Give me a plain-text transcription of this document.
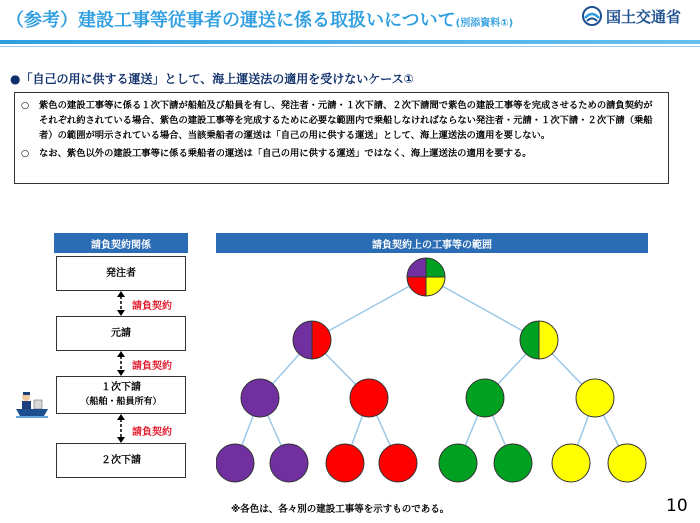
（参考）建設工事等従事者の運送に係る取扱いについて(別添資料①)	国土交通省
●「自己の用に供する運送」として、海上運送法の適用を受けないケース①
○	紫色の建設工事等に係る１次下請が船舶及び船員を有し、発注者・元請・１次下請、２次下請間で紫色の建設工事等を完成させるための請負契約がそれぞれ約されている場合、紫色の建設工事等を完成するために必要な範囲内で乗船しなければならない発注者・元請・１次下請・２次下請（乗船者）の範囲が明示されている場合、当該乗船者の運送は「自己の用に供する運送」として、海上運送法の適用を要しない。
○	なお、紫色以外の建設工事等に係る乗船者の運送は「自己の用に供する運送」ではなく、海上運送法の適用を要する。
請負契約関係
発注者
元請
１次下請
（船舶・船員所有）
２次下請
請負契約
請負契約
請負契約
請負契約上の工事等の範囲
※各色は、各々別の建設工事等を示すものである。	10
